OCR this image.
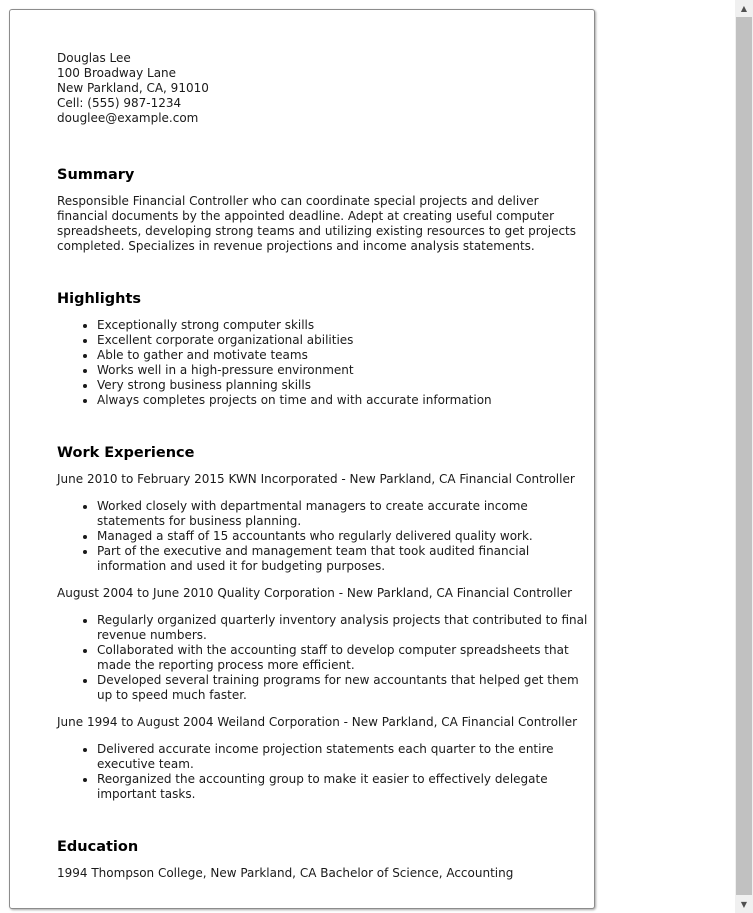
Douglas Lee
100 Broadway Lane
New Parkland, CA, 91010
Cell: (555) 987-1234
douglee@example.com
Summary

Responsible Financial Controller who can coordinate special projects and deliver financial documents by the appointed deadline. Adept at creating useful computer spreadsheets, developing strong teams and utilizing existing resources to get projects completed. Specializes in revenue projections and income analysis statements.

Highlights
• Exceptionally strong computer skills
• Excellent corporate organizational abilities
• Able to gather and motivate teams
• Works well in a high-pressure environment
• Very strong business planning skills
• Always completes projects on time and with accurate information
Work Experience
June 2010 to February 2015 KWN Incorporated - New Parkland, CA Financial Controller
• Worked closely with departmental managers to create accurate income statements for business planning.
• Managed a staff of 15 accountants who regularly delivered quality work.
• Part of the executive and management team that took audited financial information and used it for budgeting purposes.
August 2004 to June 2010 Quality Corporation - New Parkland, CA Financial Controller
• Regularly organized quarterly inventory analysis projects that contributed to final revenue numbers.
• Collaborated with the accounting staff to develop computer spreadsheets that made the reporting process more efficient.
• Developed several training programs for new accountants that helped get them up to speed much faster.
June 1994 to August 2004 Weiland Corporation - New Parkland, CA Financial Controller
• Delivered accurate income projection statements each quarter to the entire executive team.
• Reorganized the accounting group to make it easier to effectively delegate important tasks.
Education
1994 Thompson College, New Parkland, CA Bachelor of Science, Accounting
▲
▼
